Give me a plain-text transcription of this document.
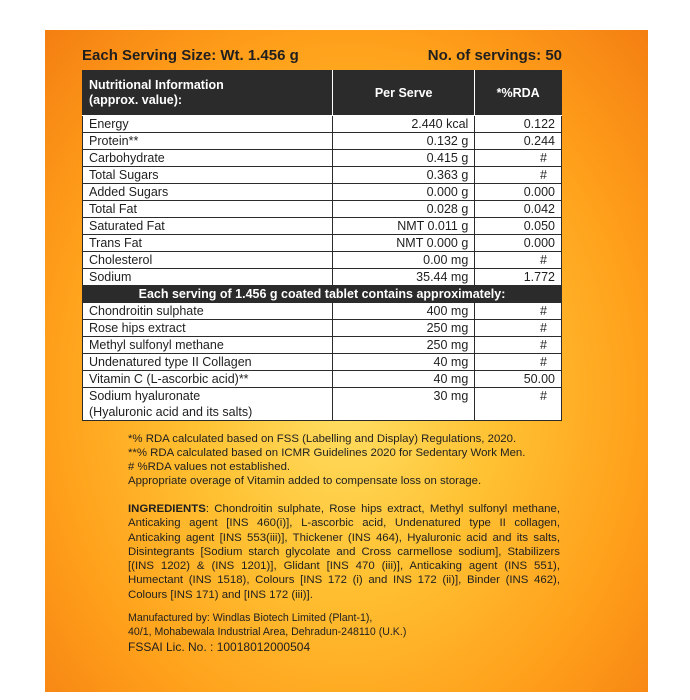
Each Serving Size: Wt. 1.456 g	No. of servings: 50
Nutritional Information
(approx. value):	Per Serve	*%RDA
Energy	2.440 kcal	0.122
Protein**	0.132 g	0.244
Carbohydrate	0.415 g	#
Total Sugars	0.363 g	#
Added Sugars	0.000 g	0.000
Total Fat	0.028 g	0.042
Saturated Fat	NMT 0.011 g	0.050
Trans Fat	NMT 0.000 g	0.000
Cholesterol	0.00 mg	#
Sodium	35.44 mg	1.772
Each serving of 1.456 g coated tablet contains approximately:		
Chondroitin sulphate	400 mg	#
Rose hips extract	250 mg	#
Methyl sulfonyl methane	250 mg	#
Undenatured type II Collagen	40 mg	#
Vitamin C (L-ascorbic acid)**	40 mg	50.00

Sodium hyaluronate
(Hyaluronic acid and its salts)	30 mg	#
*% RDA calculated based on FSS (Labelling and Display) Regulations, 2020.
**% RDA calculated based on ICMR Guidelines 2020 for Sedentary Work Men.
# %RDA values not established.
Appropriate overage of Vitamin added to compensate loss on storage.
INGREDIENTS: Chondroitin sulphate, Rose hips extract, Methyl sulfonyl methane, Anticaking agent [INS 460(i)], L-ascorbic acid, Undenatured type II collagen, Anticaking agent [INS 553(iii)], Thickener (INS 464), Hyaluronic acid and its salts, Disintegrants [Sodium starch glycolate and Cross carmellose sodium], Stabilizers [(INS 1202) & (INS 1201)], Glidant [INS 470 (iii)], Anticaking agent (INS 551), Humectant (INS 1518), Colours [INS 172 (i) and INS 172 (ii)], Binder (INS 462), Colours [INS 171) and [INS 172 (iii)].
Manufactured by: Windlas Biotech Limited (Plant-1),
40/1, Mohabewala Industrial Area, Dehradun-248110 (U.K.)
FSSAI Lic. No. : 10018012000504
